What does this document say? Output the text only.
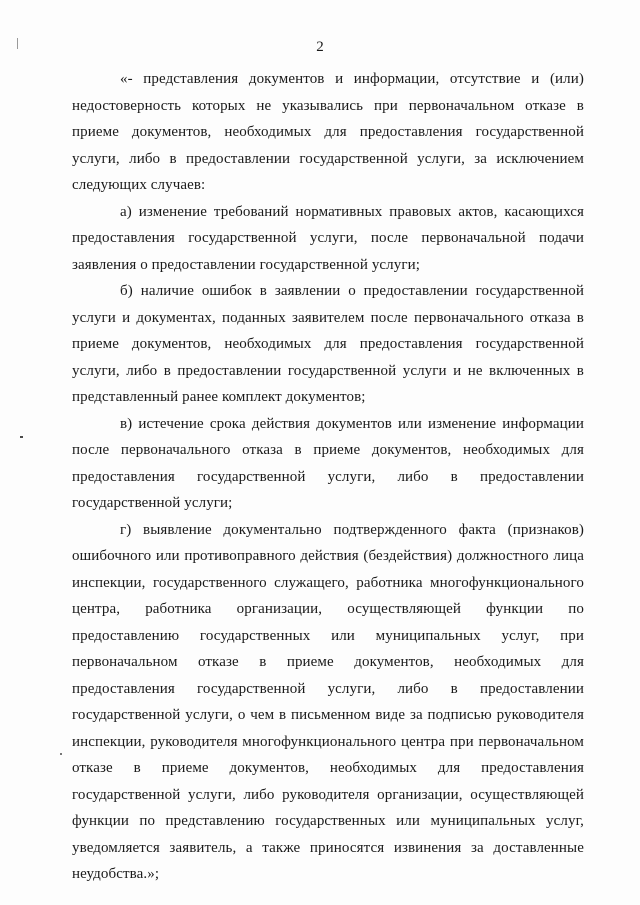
2

«- представления документов и информации, отсутствие и (или) недостоверность которых не указывались при первоначальном отказе в приеме документов, необходимых для предоставления государственной услуги, либо в предоставлении государственной услуги, за исключением следующих случаев:

а) изменение требований нормативных правовых актов, касающихся предоставления государственной услуги, после первоначальной подачи заявления о предоставлении государственной услуги;

б) наличие ошибок в заявлении о предоставлении государственной услуги и документах, поданных заявителем после первоначального отказа в приеме документов, необходимых для предоставления государственной услуги, либо в предоставлении государственной услуги и не включенных в представленный ранее комплект документов;

в) истечение срока действия документов или изменение информации после первоначального отказа в приеме документов, необходимых для предоставления государственной услуги, либо в предоставлении государственной услуги;

г) выявление документально подтвержденного факта (признаков) ошибочного или противоправного действия (бездействия) должностного лица инспекции, государственного служащего, работника многофункционального центра, работника организации, осуществляющей функции по предоставлению государственных или муниципальных услуг, при первоначальном отказе в приеме документов, необходимых для предоставления государственной услуги, либо в предоставлении государственной услуги, о чем в письменном виде за подписью руководителя инспекции, руководителя многофункционального центра при первоначальном отказе в приеме документов, необходимых для предоставления государственной услуги, либо руководителя организации, осуществляющей функции по представлению государственных или муниципальных услуг, уведомляется заявитель, а также приносятся извинения за доставленные неудобства.»;
